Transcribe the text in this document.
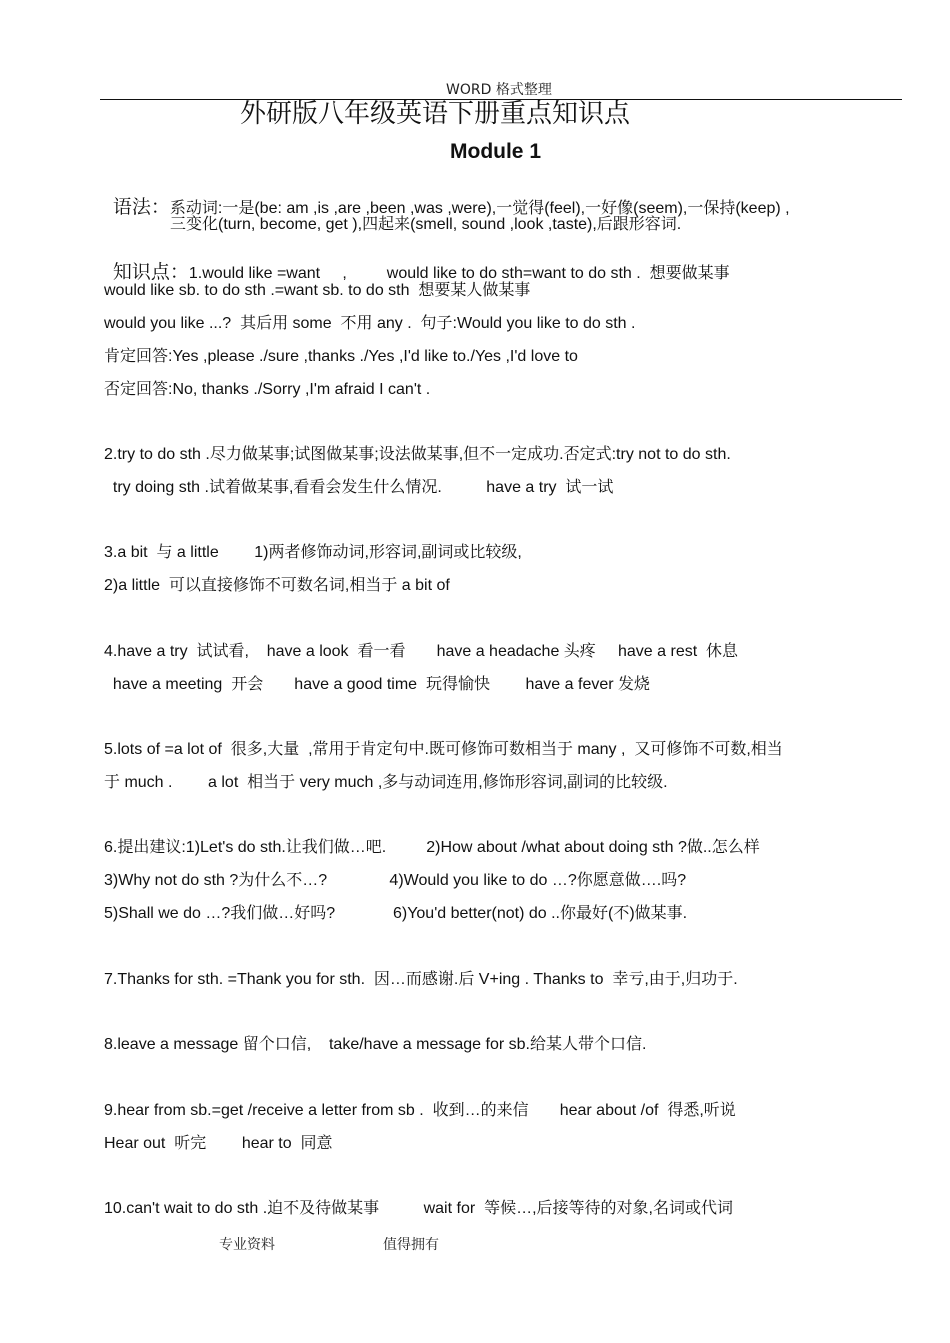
WORD 格式整理
外研版八年级英语下册重点知识点
Module 1

语法：系动词:一是(be: am ,is ,are ,been ,was ,were),一觉得(feel),一好像(seem),一保持(keep) ,

三变化(turn, become, get ),四起来(smell, sound ,look ,taste),后跟形容词.

知识点：1.would like =want     ,         would like to do sth=want to do sth .  想要做某事

would like sb. to do sth .=want sb. to do sth  想要某人做某事
would you like ...?  其后用 some  不用 any .  句子:Would you like to do sth .
肯定回答:Yes ,please ./sure ,thanks ./Yes ,I'd like to./Yes ,I'd love to
否定回答:No, thanks ./Sorry ,I'm afraid I can't .
2.try to do sth .尽力做某事;试图做某事;设法做某事,但不一定成功.否定式:try not to do sth.
try doing sth .试着做某事,看看会发生什么情况.          have a try  试一试
3.a bit  与 a little        1)两者修饰动词,形容词,副词或比较级,
2)a little  可以直接修饰不可数名词,相当于 a bit of
4.have a try  试试看,    have a look  看一看       have a headache 头疼     have a rest  休息
have a meeting  开会       have a good time  玩得愉快        have a fever 发烧
5.lots of =a lot of  很多,大量  ,常用于肯定句中.既可修饰可数相当于 many ,  又可修饰不可数,相当
于 much .        a lot  相当于 very much ,多与动词连用,修饰形容词,副词的比较级.
6.提出建议:1)Let's do sth.让我们做…吧.         2)How about /what about doing sth ?做..怎么样
3)Why not do sth ?为什么不…?              4)Would you like to do …?你愿意做….吗?
5)Shall we do …?我们做…好吗?             6)You'd better(not) do ..你最好(不)做某事.
7.Thanks for sth. =Thank you for sth.  因…而感谢.后 V+ing . Thanks to  幸亏,由于,归功于.
8.leave a message 留个口信,    take/have a message for sb.给某人带个口信.
9.hear from sb.=get /receive a letter from sb .  收到…的来信       hear about /of  得悉,听说
Hear out  听完        hear to  同意
10.can't wait to do sth .迫不及待做某事          wait for  等候…,后接等待的对象,名词或代词
专业资料	值得拥有
